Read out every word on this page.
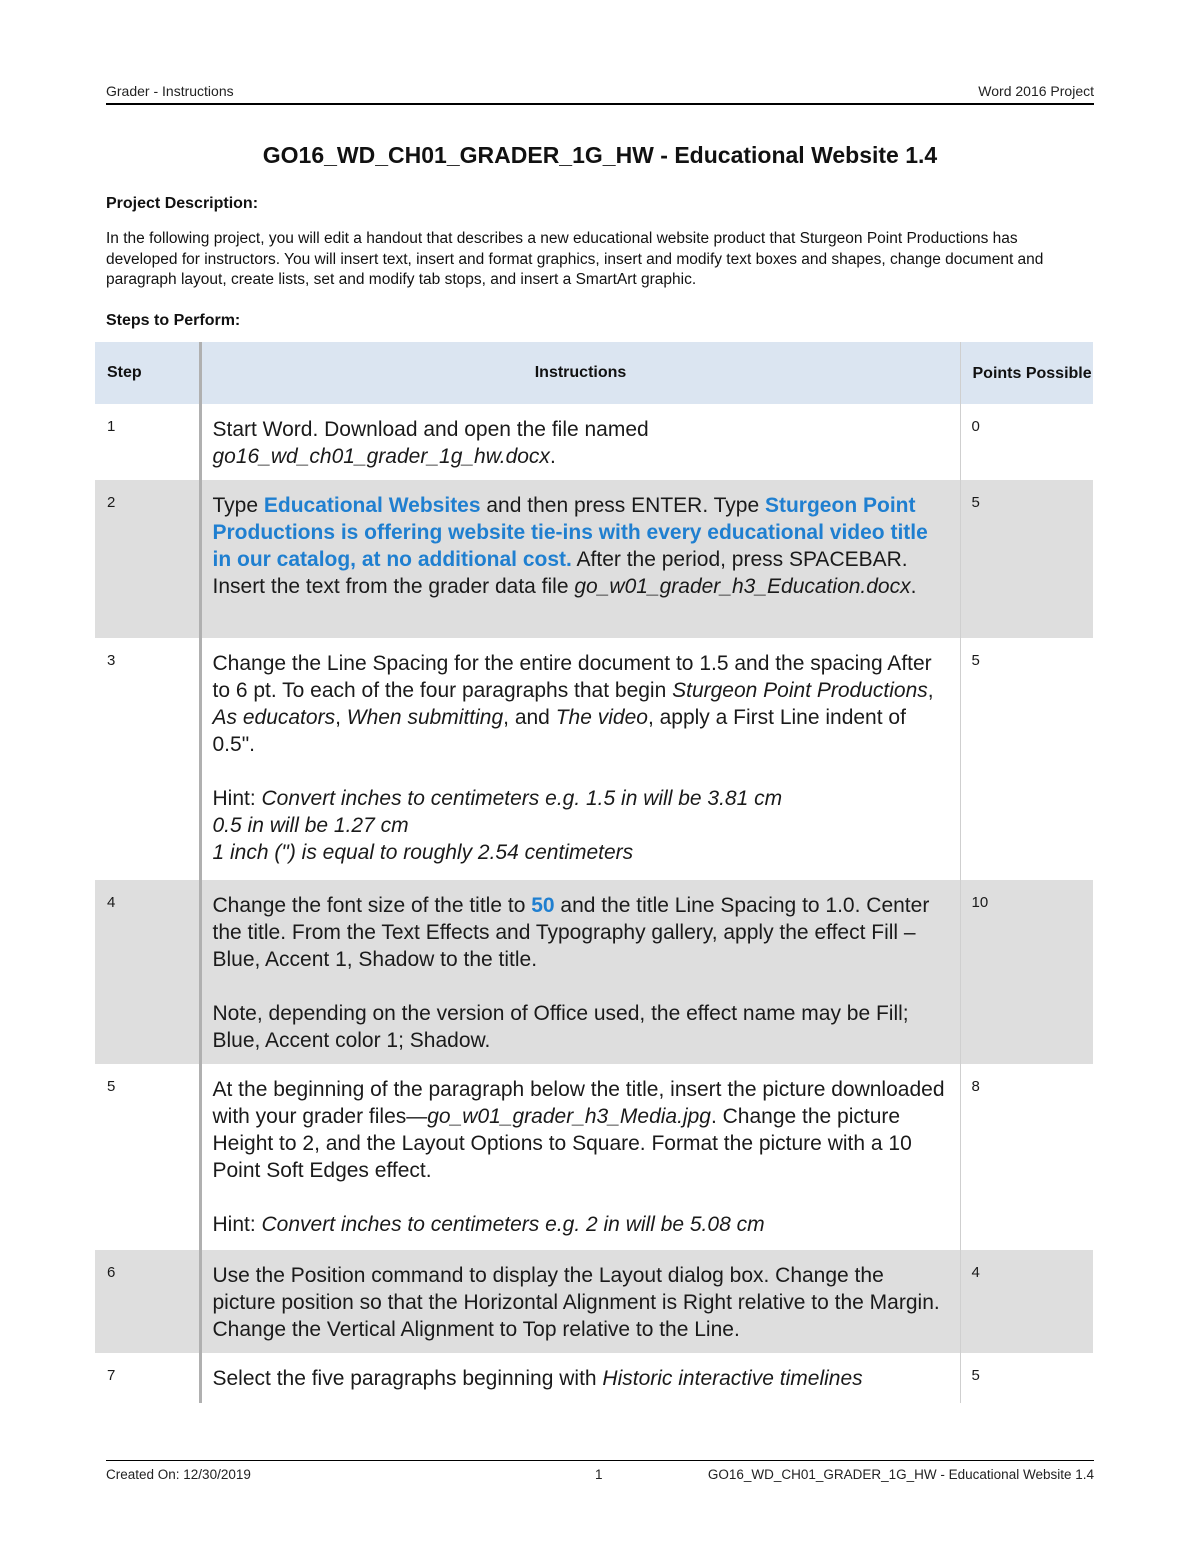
Grader - Instructions	Word 2016 Project
GO16_WD_CH01_GRADER_1G_HW - Educational Website 1.4
Project Description:
In the following project, you will edit a handout that describes a new educational website product that Sturgeon Point Productions has developed for instructors. You will insert text, insert and format graphics, insert and modify text boxes and shapes, change document and paragraph layout, create lists, set and modify tab stops, and insert a SmartArt graphic.
Steps to Perform:
Step	Instructions	Points Possible
1	Start Word. Download and open the file named
go16_wd_ch01_grader_1g_hw.docx.	0
2	Type Educational Websites and then press ENTER. Type Sturgeon Point Productions is offering website tie-ins with every educational video title in our catalog, at no additional cost. After the period, press SPACEBAR. Insert the text from the grader data file go_w01_grader_h3_Education.docx.	5
3	Change the Line Spacing for the entire document to 1.5 and the spacing After to 6 pt. To each of the four paragraphs that begin Sturgeon Point Productions, As educators, When submitting, and The video, apply a First Line indent of 0.5".
Hint: Convert inches to centimeters e.g. 1.5 in will be 3.81 cm
0.5 in will be 1.27 cm
1 inch (") is equal to roughly 2.54 centimeters	5
4	Change the font size of the title to 50 and the title Line Spacing to 1.0. Center the title. From the Text Effects and Typography gallery, apply the effect Fill – Blue, Accent 1, Shadow to the title.
Note, depending on the version of Office used, the effect name may be Fill; Blue, Accent color 1; Shadow.	10
5	At the beginning of the paragraph below the title, insert the picture downloaded with your grader files—go_w01_grader_h3_Media.jpg. Change the picture Height to 2, and the Layout Options to Square. Format the picture with a 10 Point Soft Edges effect.
Hint: Convert inches to centimeters e.g. 2 in will be 5.08 cm	8
6	Use the Position command to display the Layout dialog box. Change the picture position so that the Horizontal Alignment is Right relative to the Margin. Change the Vertical Alignment to Top relative to the Line.	4
7	Select the five paragraphs beginning with Historic interactive timelines	5
Created On: 12/30/2019	1	GO16_WD_CH01_GRADER_1G_HW - Educational Website 1.4
